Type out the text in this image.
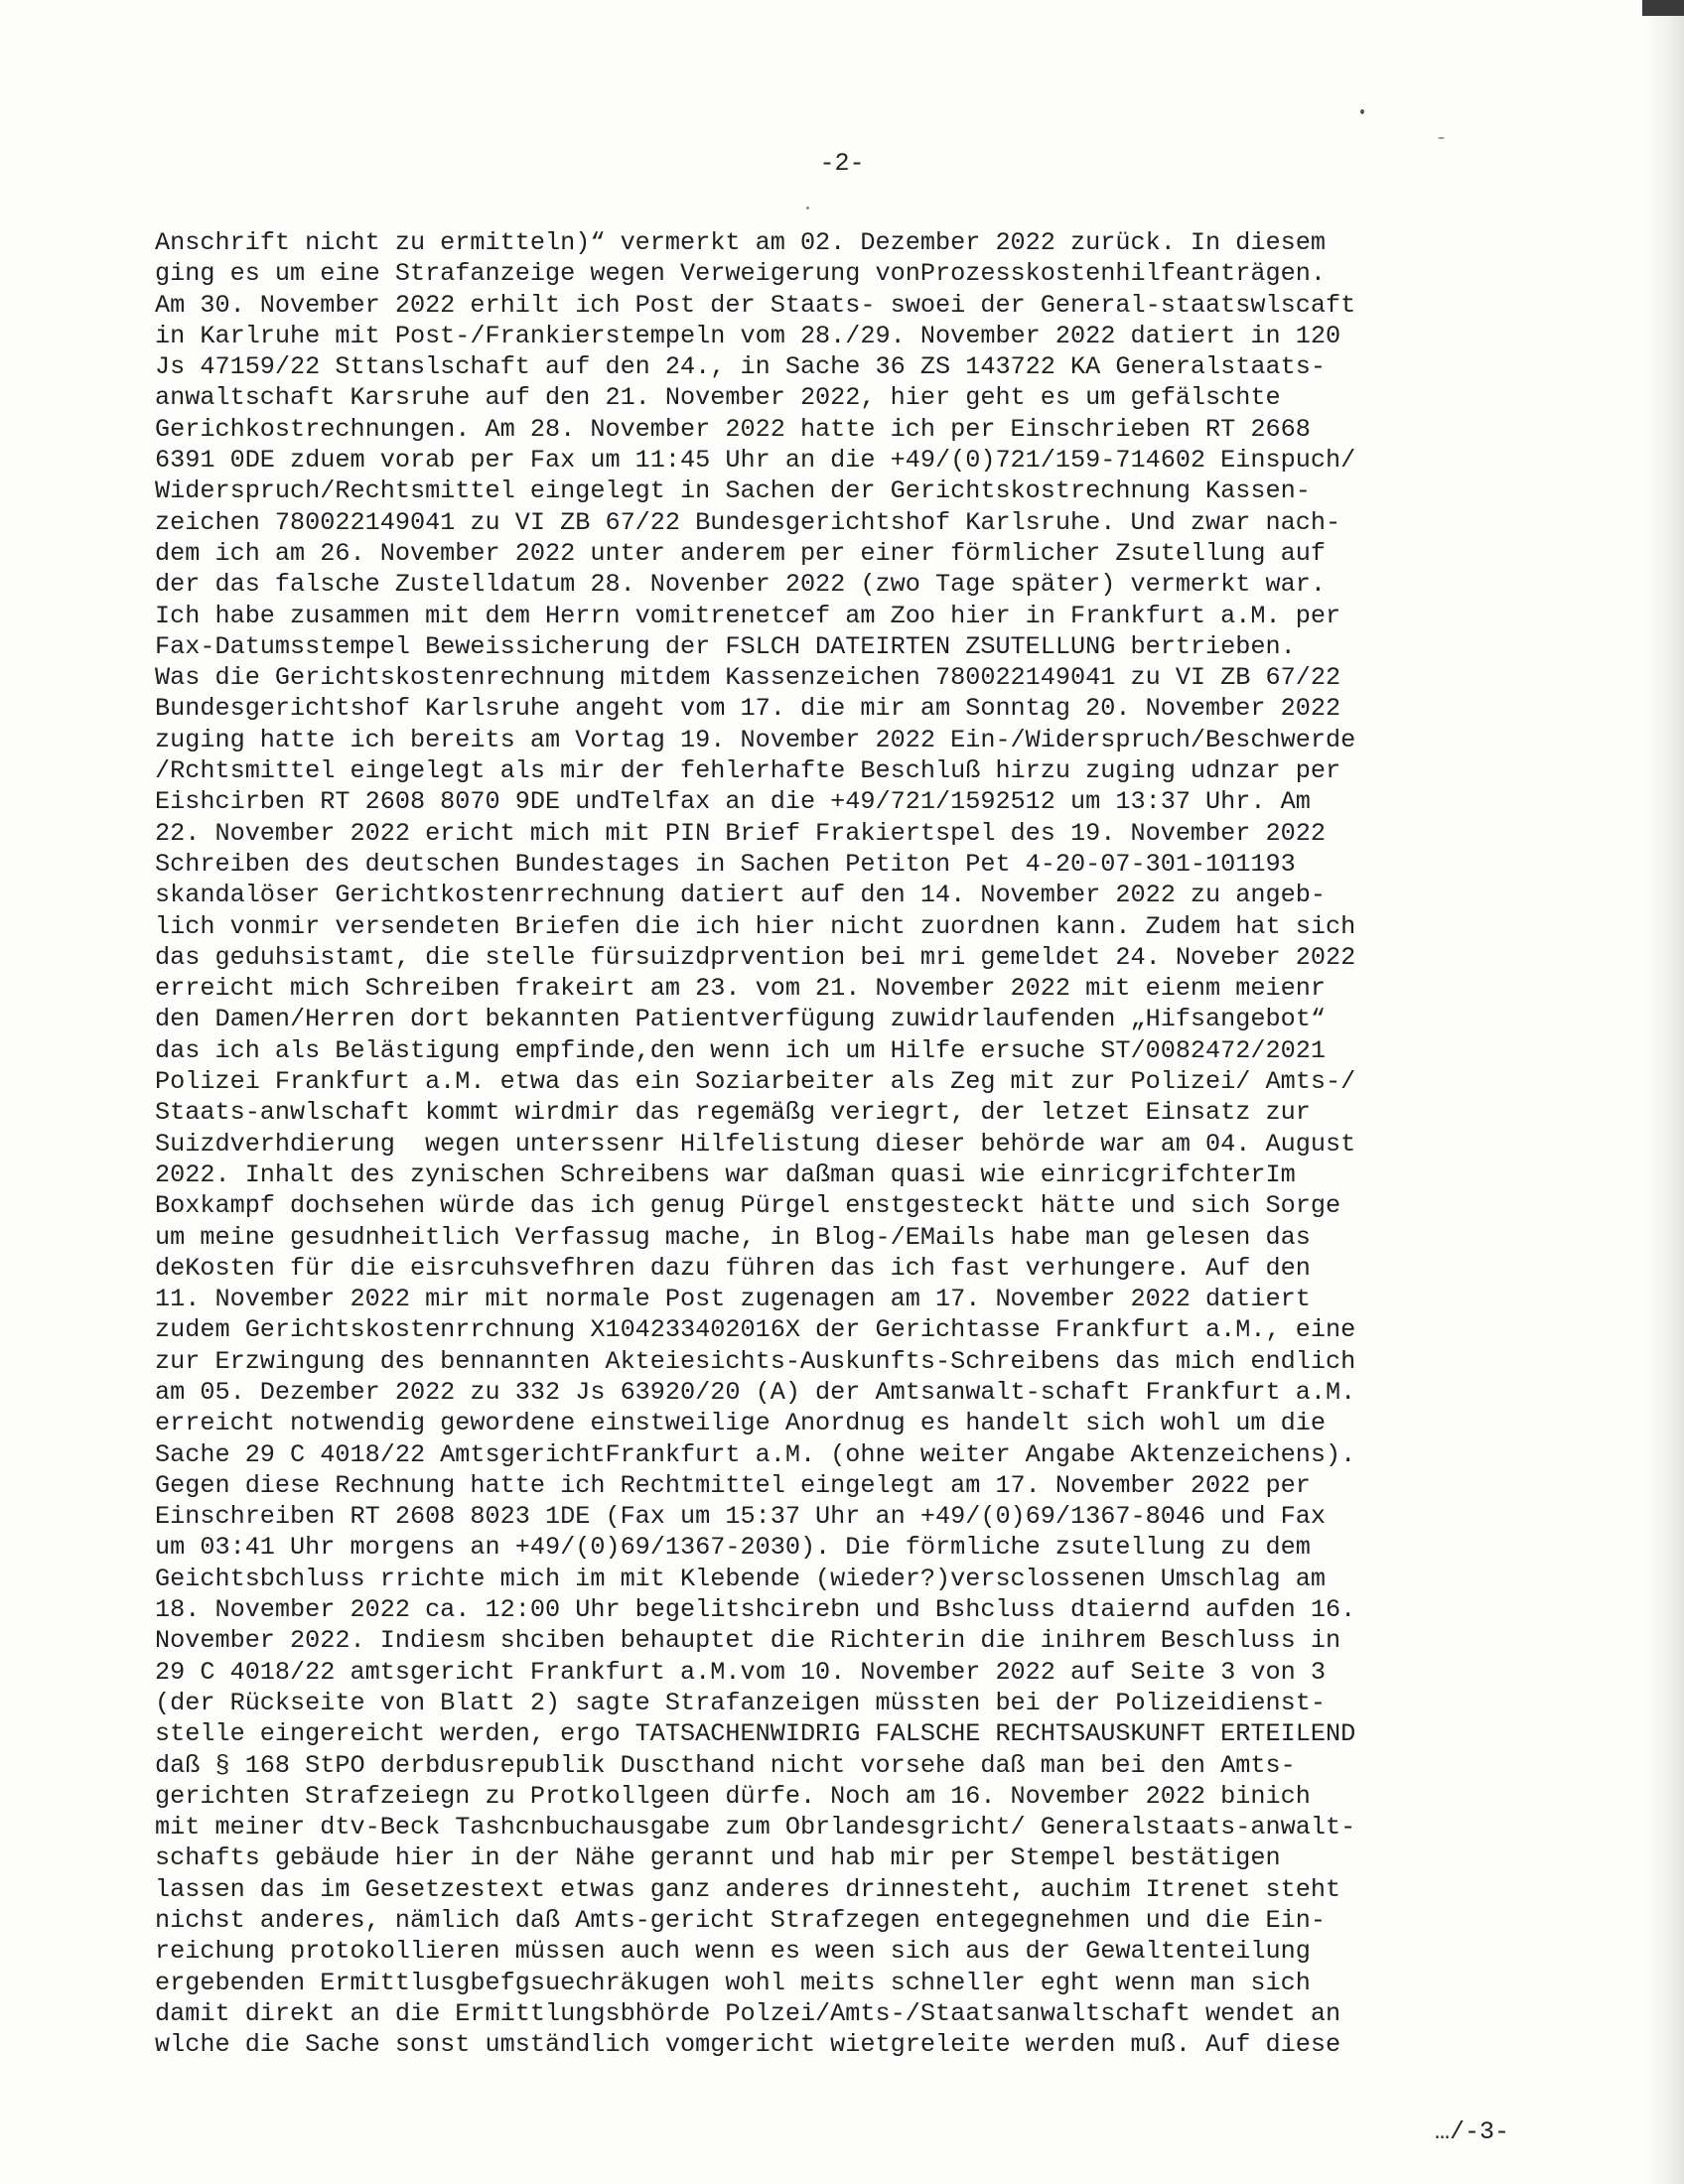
-2-
Anschrift nicht zu ermitteln)“ vermerkt am 02. Dezember 2022 zurück. In diesem
ging es um eine Strafanzeige wegen Verweigerung vonProzesskostenhilfeanträgen.
Am 30. November 2022 erhilt ich Post der Staats- swoei der General-staatswlscaft
in Karlruhe mit Post-/Frankierstempeln vom 28./29. November 2022 datiert in 120
Js 47159/22 Sttanslschaft auf den 24., in Sache 36 ZS 143722 KA Generalstaats-
anwaltschaft Karsruhe auf den 21. November 2022, hier geht es um gefälschte
Gerichkostrechnungen. Am 28. November 2022 hatte ich per Einschrieben RT 2668
6391 0DE zduem vorab per Fax um 11:45 Uhr an die +49/(0)721/159-714602 Einspuch/
Widerspruch/Rechtsmittel eingelegt in Sachen der Gerichtskostrechnung Kassen-
zeichen 780022149041 zu VI ZB 67/22 Bundesgerichtshof Karlsruhe. Und zwar nach-
dem ich am 26. November 2022 unter anderem per einer förmlicher Zsutellung auf
der das falsche Zustelldatum 28. Novenber 2022 (zwo Tage später) vermerkt war.
Ich habe zusammen mit dem Herrn vomitrenetcef am Zoo hier in Frankfurt a.M. per
Fax-Datumsstempel Beweissicherung der FSLCH DATEIRTEN ZSUTELLUNG bertrieben.
Was die Gerichtskostenrechnung mitdem Kassenzeichen 780022149041 zu VI ZB 67/22
Bundesgerichtshof Karlsruhe angeht vom 17. die mir am Sonntag 20. November 2022
zuging hatte ich bereits am Vortag 19. November 2022 Ein-/Widerspruch/Beschwerde
/Rchtsmittel eingelegt als mir der fehlerhafte Beschluß hirzu zuging udnzar per
Eishcirben RT 2608 8070 9DE undTelfax an die +49/721/1592512 um 13:37 Uhr. Am
22. November 2022 ericht mich mit PIN Brief Frakiertspel des 19. November 2022
Schreiben des deutschen Bundestages in Sachen Petiton Pet 4-20-07-301-101193
skandalöser Gerichtkostenrrechnung datiert auf den 14. November 2022 zu angeb-
lich vonmir versendeten Briefen die ich hier nicht zuordnen kann. Zudem hat sich
das geduhsistamt, die stelle fürsuizdprvention bei mri gemeldet 24. Noveber 2022
erreicht mich Schreiben frakeirt am 23. vom 21. November 2022 mit eienm meienr
den Damen/Herren dort bekannten Patientverfügung zuwidrlaufenden „Hifsangebot“
das ich als Belästigung empfinde,den wenn ich um Hilfe ersuche ST/0082472/2021
Polizei Frankfurt a.M. etwa das ein Soziarbeiter als Zeg mit zur Polizei/ Amts-/
Staats-anwlschaft kommt wirdmir das regemäßg veriegrt, der letzet Einsatz zur
Suizdverhdierung  wegen unterssenr Hilfelistung dieser behörde war am 04. August
2022. Inhalt des zynischen Schreibens war daßman quasi wie einricgrifchterIm
Boxkampf dochsehen würde das ich genug Pürgel enstgesteckt hätte und sich Sorge
um meine gesudnheitlich Verfassug mache, in Blog-/EMails habe man gelesen das
deKosten für die eisrcuhsvefhren dazu führen das ich fast verhungere. Auf den
11. November 2022 mir mit normale Post zugenagen am 17. November 2022 datiert
zudem Gerichtskostenrrchnung X104233402016X der Gerichtasse Frankfurt a.M., eine
zur Erzwingung des bennannten Akteiesichts-Auskunfts-Schreibens das mich endlich
am 05. Dezember 2022 zu 332 Js 63920/20 (A) der Amtsanwalt-schaft Frankfurt a.M.
erreicht notwendig gewordene einstweilige Anordnug es handelt sich wohl um die
Sache 29 C 4018/22 AmtsgerichtFrankfurt a.M. (ohne weiter Angabe Aktenzeichens).
Gegen diese Rechnung hatte ich Rechtmittel eingelegt am 17. November 2022 per
Einschreiben RT 2608 8023 1DE (Fax um 15:37 Uhr an +49/(0)69/1367-8046 und Fax
um 03:41 Uhr morgens an +49/(0)69/1367-2030). Die förmliche zsutellung zu dem
Geichtsbchluss rrichte mich im mit Klebende (wieder?)verscl​ossenen Umschlag am
18. November 2022 ca. 12:00 Uhr begelitshcirebn und Bshcluss dtaiernd aufden 16.
November 2022. Indiesm shciben behauptet die Richterin die inihrem Beschluss in
29 C 4018/22 amtsgericht Frankfurt a.M.vom 10. November 2022 auf Seite 3 von 3
(der Rückseite von Blatt 2) sagte Strafanzeigen müssten bei der Polizeidienst-
stelle eingereicht werden, ergo TATSACHENWIDRIG FALSCHE RECHTSAUSKUNFT ERTEILEND
daß § 168 StPO derbdusrepublik Duscthand nicht vorsehe daß man bei den Amts-
gerichten Strafzeiegn zu Protkollgeen dürfe. Noch am 16. November 2022 binich
mit meiner dtv-Beck Tashcnbuchausgabe zum Obrlandesgricht/ Generalstaats-anwalt-
schafts gebäude hier in der Nähe gerannt und hab mir per Stempel bestätigen
lassen das im Gesetzestext etwas ganz anderes drinnesteht, auchim Itrenet steht
nichst anderes, nämlich daß Amts-gericht Strafzegen entegegnehmen und die Ein-
reichung protokollieren müssen auch wenn es ween sich aus der Gewaltenteilung
ergebenden Ermittlusgbefgsuechräkugen wohl meits schneller eght wenn man sich
damit direkt an die Ermittlungsbhörde Polzei/Amts-/Staatsanwaltschaft wendet an
wlche die Sache sonst umständlich vomgericht wietgreleite werden muß. Auf diese
…/-3-
